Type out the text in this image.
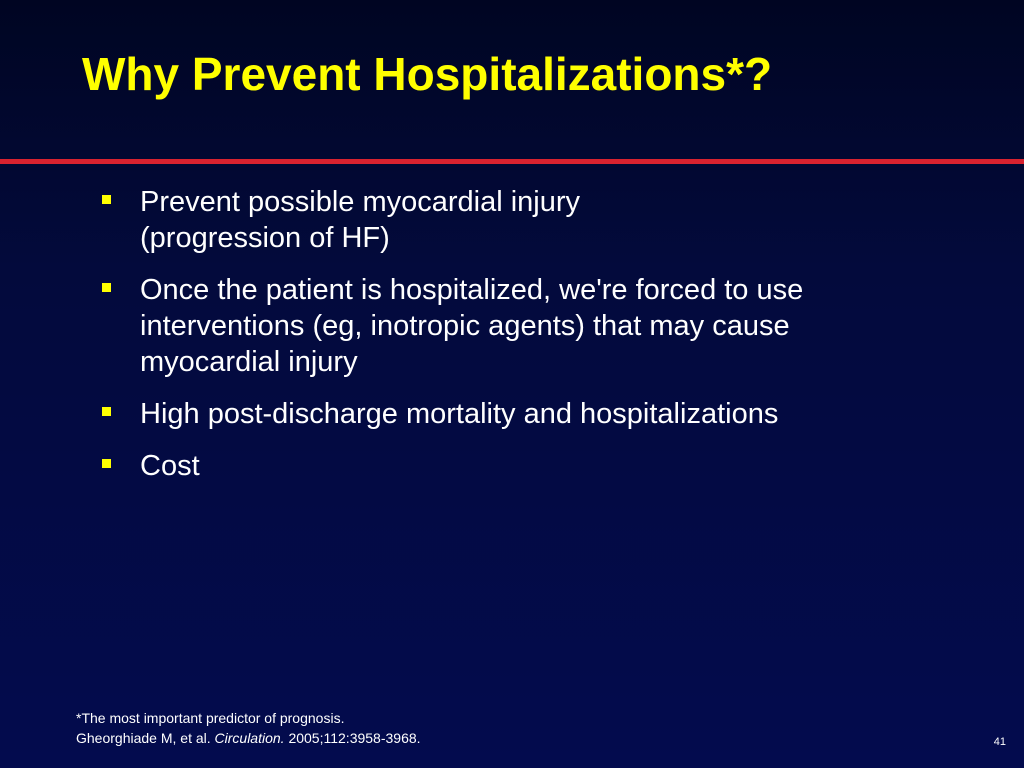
Why Prevent Hospitalizations*?
Prevent possible myocardial injury
(progression of HF)
Once the patient is hospitalized, we're forced to use
interventions (eg, inotropic agents) that may cause
myocardial injury
High post-discharge mortality and hospitalizations
Cost
*The most important predictor of prognosis.
Gheorghiade M, et al. Circulation. 2005;112:3958-3968.	41
